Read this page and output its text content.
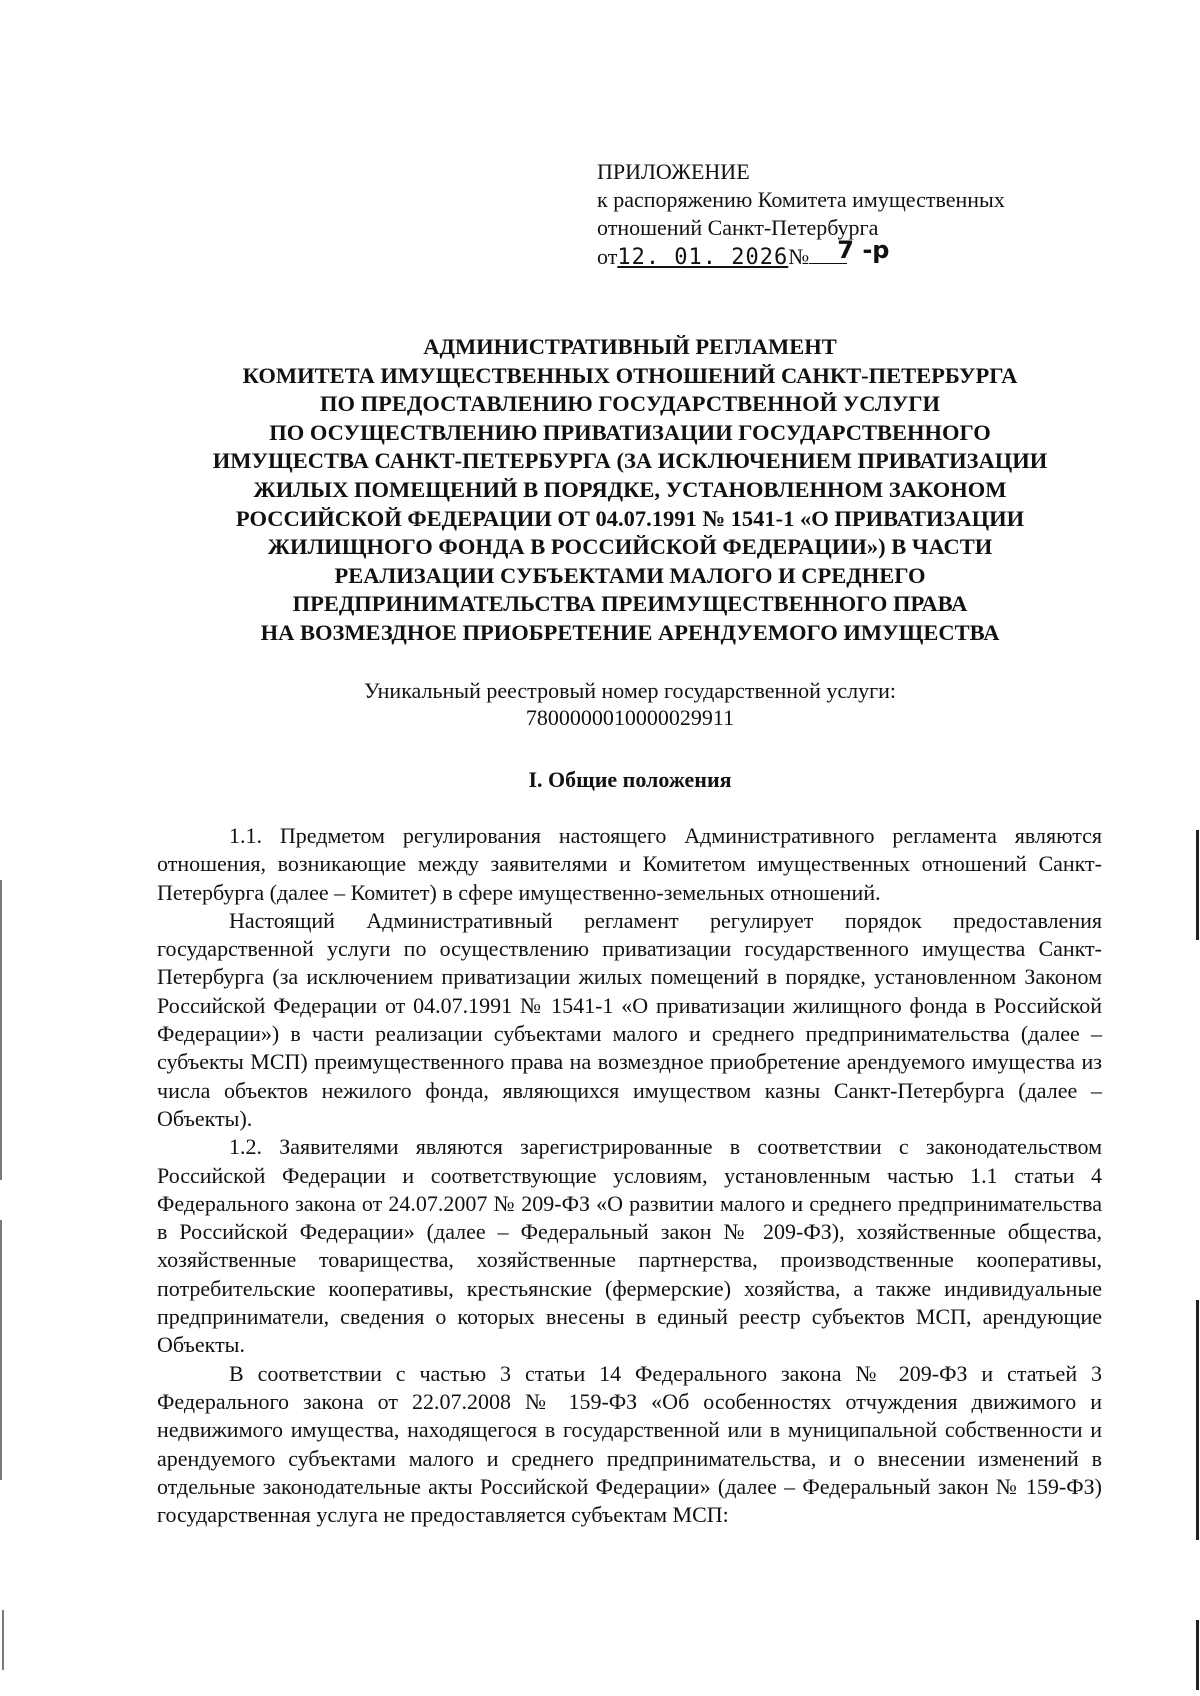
ПРИЛОЖЕНИЕ
к распоряжению Комитета имущественных
отношений Санкт-Петербурга
от12. 01. 2026№ 7 -р
АДМИНИСТРАТИВНЫЙ РЕГЛАМЕНТ
КОМИТЕТА ИМУЩЕСТВЕННЫХ ОТНОШЕНИЙ САНКТ-ПЕТЕРБУРГА
ПО ПРЕДОСТАВЛЕНИЮ ГОСУДАРСТВЕННОЙ УСЛУГИ
ПО ОСУЩЕСТВЛЕНИЮ ПРИВАТИЗАЦИИ ГОСУДАРСТВЕННОГО
ИМУЩЕСТВА САНКТ-ПЕТЕРБУРГА (ЗА ИСКЛЮЧЕНИЕМ ПРИВАТИЗАЦИИ
ЖИЛЫХ ПОМЕЩЕНИЙ В ПОРЯДКЕ, УСТАНОВЛЕННОМ ЗАКОНОМ
РОССИЙСКОЙ ФЕДЕРАЦИИ ОТ 04.07.1991 № 1541-1 «О ПРИВАТИЗАЦИИ
ЖИЛИЩНОГО ФОНДА В РОССИЙСКОЙ ФЕДЕРАЦИИ») В ЧАСТИ
РЕАЛИЗАЦИИ СУБЪЕКТАМИ МАЛОГО И СРЕДНЕГО
ПРЕДПРИНИМАТЕЛЬСТВА ПРЕИМУЩЕСТВЕННОГО ПРАВА
НА ВОЗМЕЗДНОЕ ПРИОБРЕТЕНИЕ АРЕНДУЕМОГО ИМУЩЕСТВА
Уникальный реестровый номер государственной услуги:
7800000010000029911
I. Общие положения

1.1. Предметом регулирования настоящего Административного регламента являются отношения, возникающие между заявителями и Комитетом имущественных отношений Санкт-Петербурга (далее – Комитет) в сфере имущественно-земельных отношений.

Настоящий Административный регламент регулирует порядок предоставления государственной услуги по осуществлению приватизации государственного имущества Санкт-Петербурга (за исключением приватизации жилых помещений в порядке, установленном Законом Российской Федерации от 04.07.1991 № 1541-1 «О приватизации жилищного фонда в Российской Федерации») в части реализации субъектами малого и среднего предпринимательства (далее – субъекты МСП) преимущественного права на возмездное приобретение арендуемого имущества из числа объектов нежилого фонда, являющихся имуществом казны Санкт-Петербурга (далее – Объекты).

1.2. Заявителями являются зарегистрированные в соответствии с законодательством Российской Федерации и соответствующие условиям, установленным частью 1.1 статьи 4 Федерального закона от 24.07.2007 № 209-ФЗ «О развитии малого и среднего предпринимательства в Российской Федерации» (далее – Федеральный закон № 209-ФЗ), хозяйственные общества, хозяйственные товарищества, хозяйственные партнерства, производственные кооперативы, потребительские кооперативы, крестьянские (фермерские) хозяйства, а также индивидуальные предприниматели, сведения о которых внесены в единый реестр субъектов МСП, арендующие Объекты.

В соответствии с частью 3 статьи 14 Федерального закона № 209-ФЗ и статьей 3 Федерального закона от 22.07.2008 № 159-ФЗ «Об особенностях отчуждения движимого и недвижимого имущества, находящегося в государственной или в муниципальной собственности и арендуемого субъектами малого и среднего предпринимательства, и о внесении изменений в отдельные законодательные акты Российской Федерации» (далее – Федеральный закон № 159-ФЗ) государственная услуга не предоставляется субъектам МСП:
